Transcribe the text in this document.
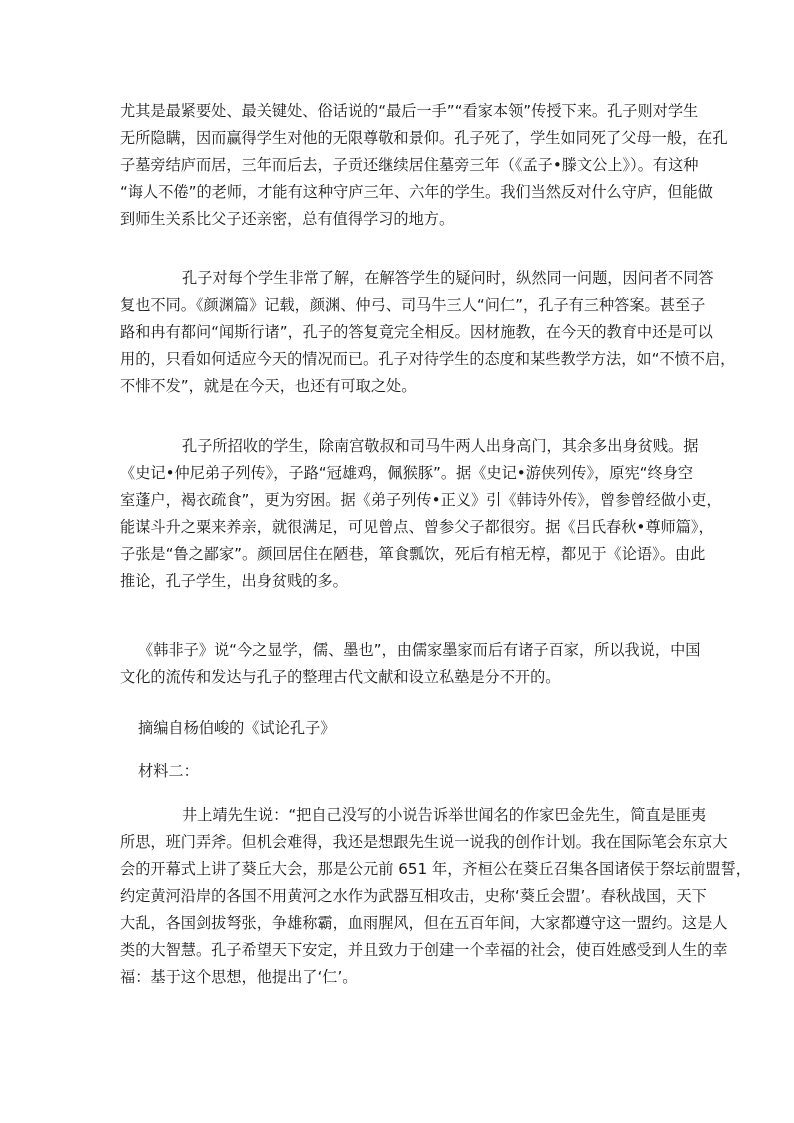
尤其是最紧要处、最关键处、俗话说的“最后一手”“看家本领”传授下来。孔子则对学生
无所隐瞒，因而赢得学生对他的无限尊敬和景仰。孔子死了，学生如同死了父母一般，在孔
子墓旁结庐而居，三年而后去，子贡还继续居住墓旁三年（《孟子•滕文公上》）。有这种
“诲人不倦”的老师，才能有这种守庐三年、六年的学生。我们当然反对什么守庐，但能做
到师生关系比父子还亲密，总有值得学习的地方。
孔子对每个学生非常了解，在解答学生的疑问时，纵然同一问题，因问者不同答
复也不同。《颜渊篇》记载，颜渊、仲弓、司马牛三人“问仁”，孔子有三种答案。甚至子
路和冉有都问“闻斯行诸”，孔子的答复竟完全相反。因材施教，在今天的教育中还是可以
用的，只看如何适应今天的情况而已。孔子对待学生的态度和某些教学方法，如“不愤不启，
不悱不发”，就是在今天，也还有可取之处。
孔子所招收的学生，除南宫敬叔和司马牛两人出身高门，其余多出身贫贱。据
《史记•仲尼弟子列传》，子路“冠雄鸡，佩猴豚”。据《史记•游侠列传》，原宪“终身空
室蓬户，褐衣疏食”，更为穷困。据《弟子列传•正义》引《韩诗外传》，曾参曾经做小吏，
能谋斗升之粟来养亲，就很满足，可见曾点、曾参父子都很穷。据《吕氏春秋•尊师篇》，
子张是“鲁之鄙家”。颜回居住在陋巷，箪食瓢饮，死后有棺无椁，都见于《论语》。由此
推论，孔子学生，出身贫贱的多。
《韩非子》说“今之显学，儒、墨也”，由儒家墨家而后有诸子百家，所以我说，中国
文化的流传和发达与孔子的整理古代文献和设立私塾是分不开的。
摘编自杨伯峻的《试论孔子》
材料二：
井上靖先生说：“把自己没写的小说告诉举世闻名的作家巴金先生，简直是匪夷
所思，班门弄斧。但机会难得，我还是想跟先生说一说我的创作计划。我在国际笔会东京大
会的开幕式上讲了葵丘大会，那是公元前 651 年，齐桓公在葵丘召集各国诸侯于祭坛前盟誓，
约定黄河沿岸的各国不用黄河之水作为武器互相攻击，史称‘葵丘会盟’。春秋战国，天下
大乱，各国剑拔弩张，争雄称霸，血雨腥风，但在五百年间，大家都遵守这一盟约。这是人
类的大智慧。孔子希望天下安定，并且致力于创建一个幸福的社会，使百姓感受到人生的幸
福：基于这个思想，他提出了‘仁’。
